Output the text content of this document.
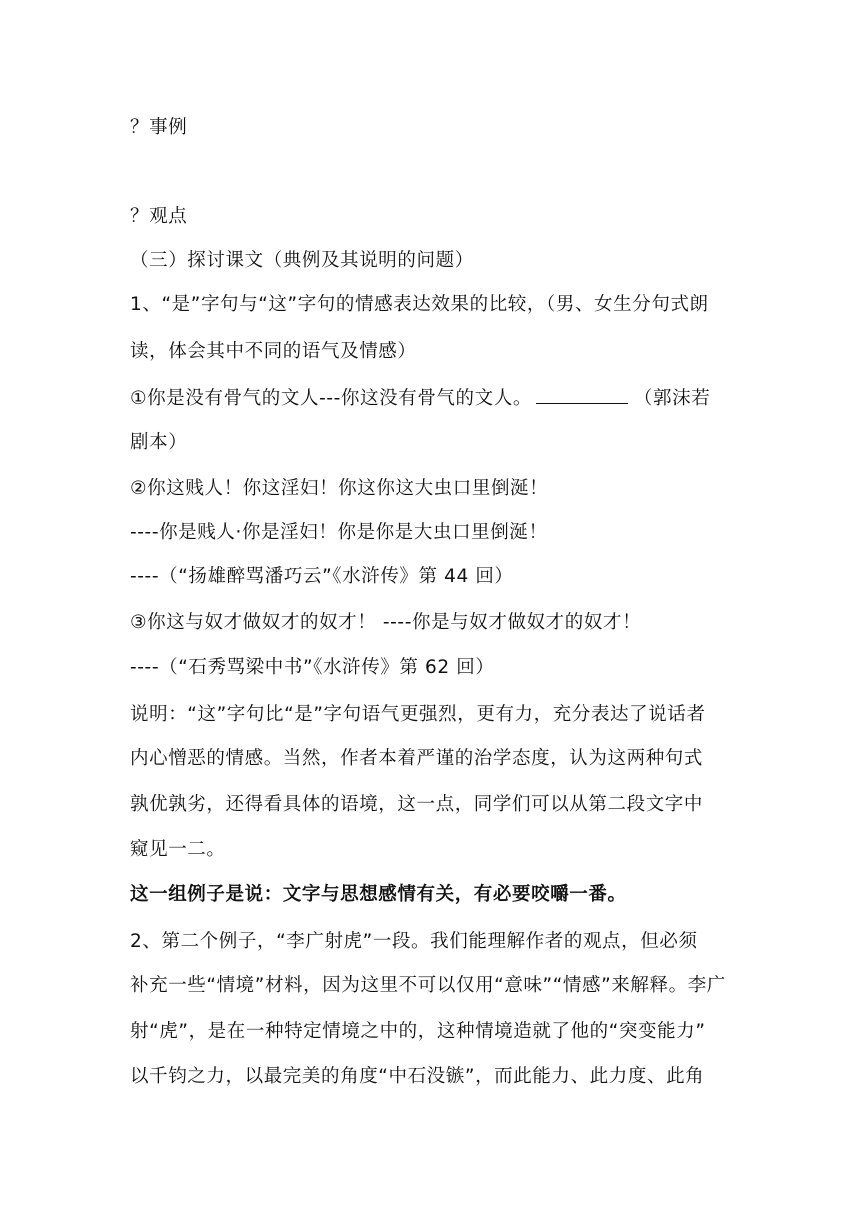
？事例
？观点
（三）探讨课文（典例及其说明的问题）
1、“是”字句与“这”字句的情感表达效果的比较，（男、女生分句式朗
读，体会其中不同的语气及情感）
①你是没有骨气的文人---你这没有骨气的文人。	（郭沫若
剧本）
②你这贱人！你这淫妇！你这你这大虫口里倒涎！
----你是贱人·你是淫妇！你是你是大虫口里倒涎！
----（“扬雄醉骂潘巧云”《水浒传》第 44 回）
③你这与奴才做奴才的奴才！ ----你是与奴才做奴才的奴才！
----（“石秀骂梁中书”《水浒传》第 62 回）
说明：“这”字句比“是”字句语气更强烈，更有力，充分表达了说话者
内心憎恶的情感。当然，作者本着严谨的治学态度，认为这两种句式
孰优孰劣，还得看具体的语境，这一点，同学们可以从第二段文字中
窥见一二。
这一组例子是说：文字与思想感情有关，有必要咬嚼一番。
2、第二个例子，“李广射虎”一段。我们能理解作者的观点，但必须
补充一些“情境”材料，因为这里不可以仅用“意味”“情感”来解释。李广
射“虎”，是在一种特定情境之中的，这种情境造就了他的“突变能力”
以千钧之力，以最完美的角度“中石没镞”，而此能力、此力度、此角
